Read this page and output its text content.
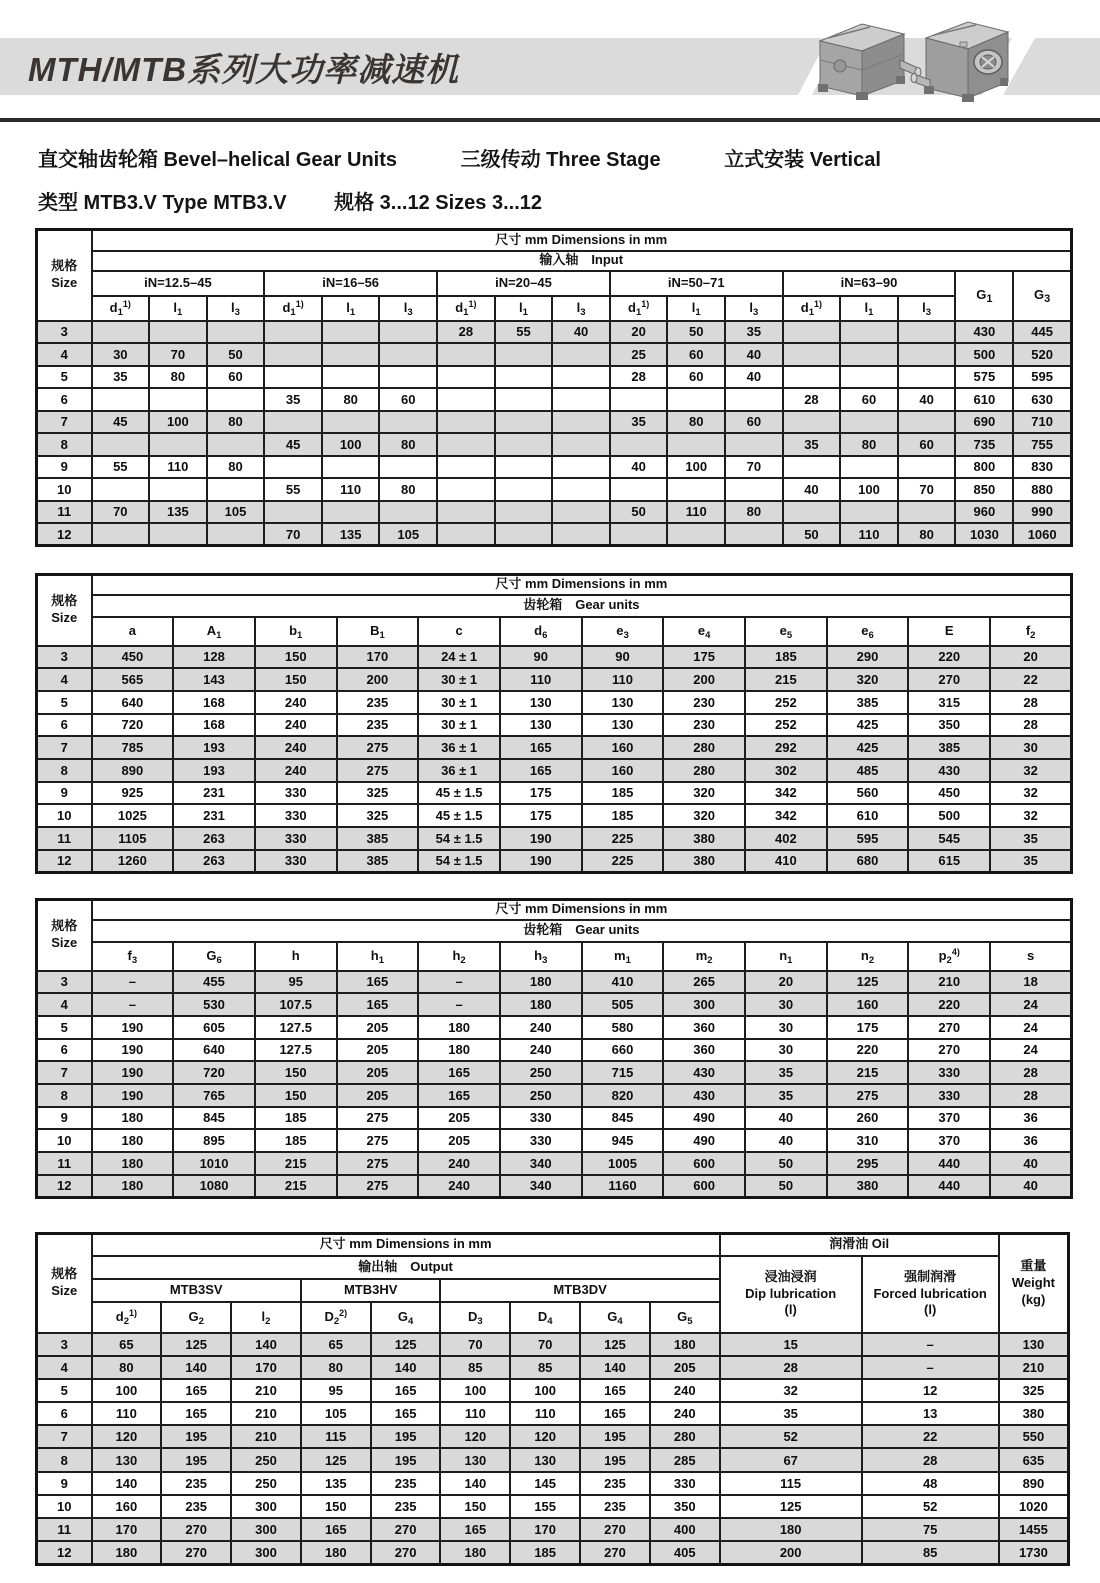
MTH/MTB系列大功率减速机
直交轴齿轮箱 Bevel–helical Gear Units	三级传动 Three Stage	立式安装 Vertical
类型 MTB3.V Type MTB3.V 规格 3...12 Sizes 3...12
规格
Size	尺寸 mm Dimensions in mm																
	输入轴　Input																
	iN=12.5–45			iN=16–56			iN=20–45			iN=50–71			iN=63–90			$G_1$	$G_3$
	$d_1^{1)}$	$l_1$	$l_3$	$d_1^{1)}$	$l_1$	$l_3$	$d_1^{1)}$	$l_1$	$l_3$	$d_1^{1)}$	$l_1$	$l_3$	$d_1^{1)}$	$l_1$	$l_3$
3							28	55	40	20	50	35				430	445
4	30	70	50							25	60	40				500	520
5	35	80	60							28	60	40				575	595
6				35	80	60							28	60	40	610	630
7	45	100	80							35	80	60				690	710
8				45	100	80							35	80	60	735	755
9	55	110	80							40	100	70				800	830
10				55	110	80							40	100	70	850	880
11	70	135	105							50	110	80				960	990
12				70	135	105							50	110	80	1030	1060
规格
Size	尺寸 mm Dimensions in mm											
	齿轮箱　Gear units											
	a	$A_1$	$b_1$	$B_1$	c	$d_6$	$e_3$	$e_4$	$e_5$	$e_6$	E	$f_2$
3	450	128	150	170	24 ± 1	90	90	175	185	290	220	20
4	565	143	150	200	30 ± 1	110	110	200	215	320	270	22
5	640	168	240	235	30 ± 1	130	130	230	252	385	315	28
6	720	168	240	235	30 ± 1	130	130	230	252	425	350	28
7	785	193	240	275	36 ± 1	165	160	280	292	425	385	30
8	890	193	240	275	36 ± 1	165	160	280	302	485	430	32
9	925	231	330	325	45 ± 1.5	175	185	320	342	560	450	32
10	1025	231	330	325	45 ± 1.5	175	185	320	342	610	500	32
11	1105	263	330	385	54 ± 1.5	190	225	380	402	595	545	35
12	1260	263	330	385	54 ± 1.5	190	225	380	410	680	615	35
规格
Size	尺寸 mm Dimensions in mm											
	齿轮箱　Gear units											
	$f_3$	$G_6$	h	$h_1$	$h_2$	$h_3$	$m_1$	$m_2$	$n_1$	$n_2$	$p_2^{4)}$	s
3	–	455	95	165	–	180	410	265	20	125	210	18
4	–	530	107.5	165	–	180	505	300	30	160	220	24
5	190	605	127.5	205	180	240	580	360	30	175	270	24
6	190	640	127.5	205	180	240	660	360	30	220	270	24
7	190	720	150	205	165	250	715	430	35	215	330	28
8	190	765	150	205	165	250	820	430	35	275	330	28
9	180	845	185	275	205	330	845	490	40	260	370	36
10	180	895	185	275	205	330	945	490	40	310	370	36
11	180	1010	215	275	240	340	1005	600	50	295	440	40
12	180	1080	215	275	240	340	1160	600	50	380	440	40
规格
Size	尺寸 mm Dimensions in mm									润滑油 Oil		重量
Weight
(kg)
	输出轴　Output									浸油浸润
Dip lubrication
(l)	强制润滑
Forced lubrication
(l)	
	MTB3SV			MTB3HV		MTB3DV						
	$d_2^{1)}$	$G_2$	$l_2$	$D_2^{2)}$	$G_4$	$D_3$	$D_4$	$G_4$	$G_5$
3	65	125	140	65	125	70	70	125	180	15	–	130
4	80	140	170	80	140	85	85	140	205	28	–	210
5	100	165	210	95	165	100	100	165	240	32	12	325
6	110	165	210	105	165	110	110	165	240	35	13	380
7	120	195	210	115	195	120	120	195	280	52	22	550
8	130	195	250	125	195	130	130	195	285	67	28	635
9	140	235	250	135	235	140	145	235	330	115	48	890
10	160	235	300	150	235	150	155	235	350	125	52	1020
11	170	270	300	165	270	165	170	270	400	180	75	1455
12	180	270	300	180	270	180	185	270	405	200	85	1730
